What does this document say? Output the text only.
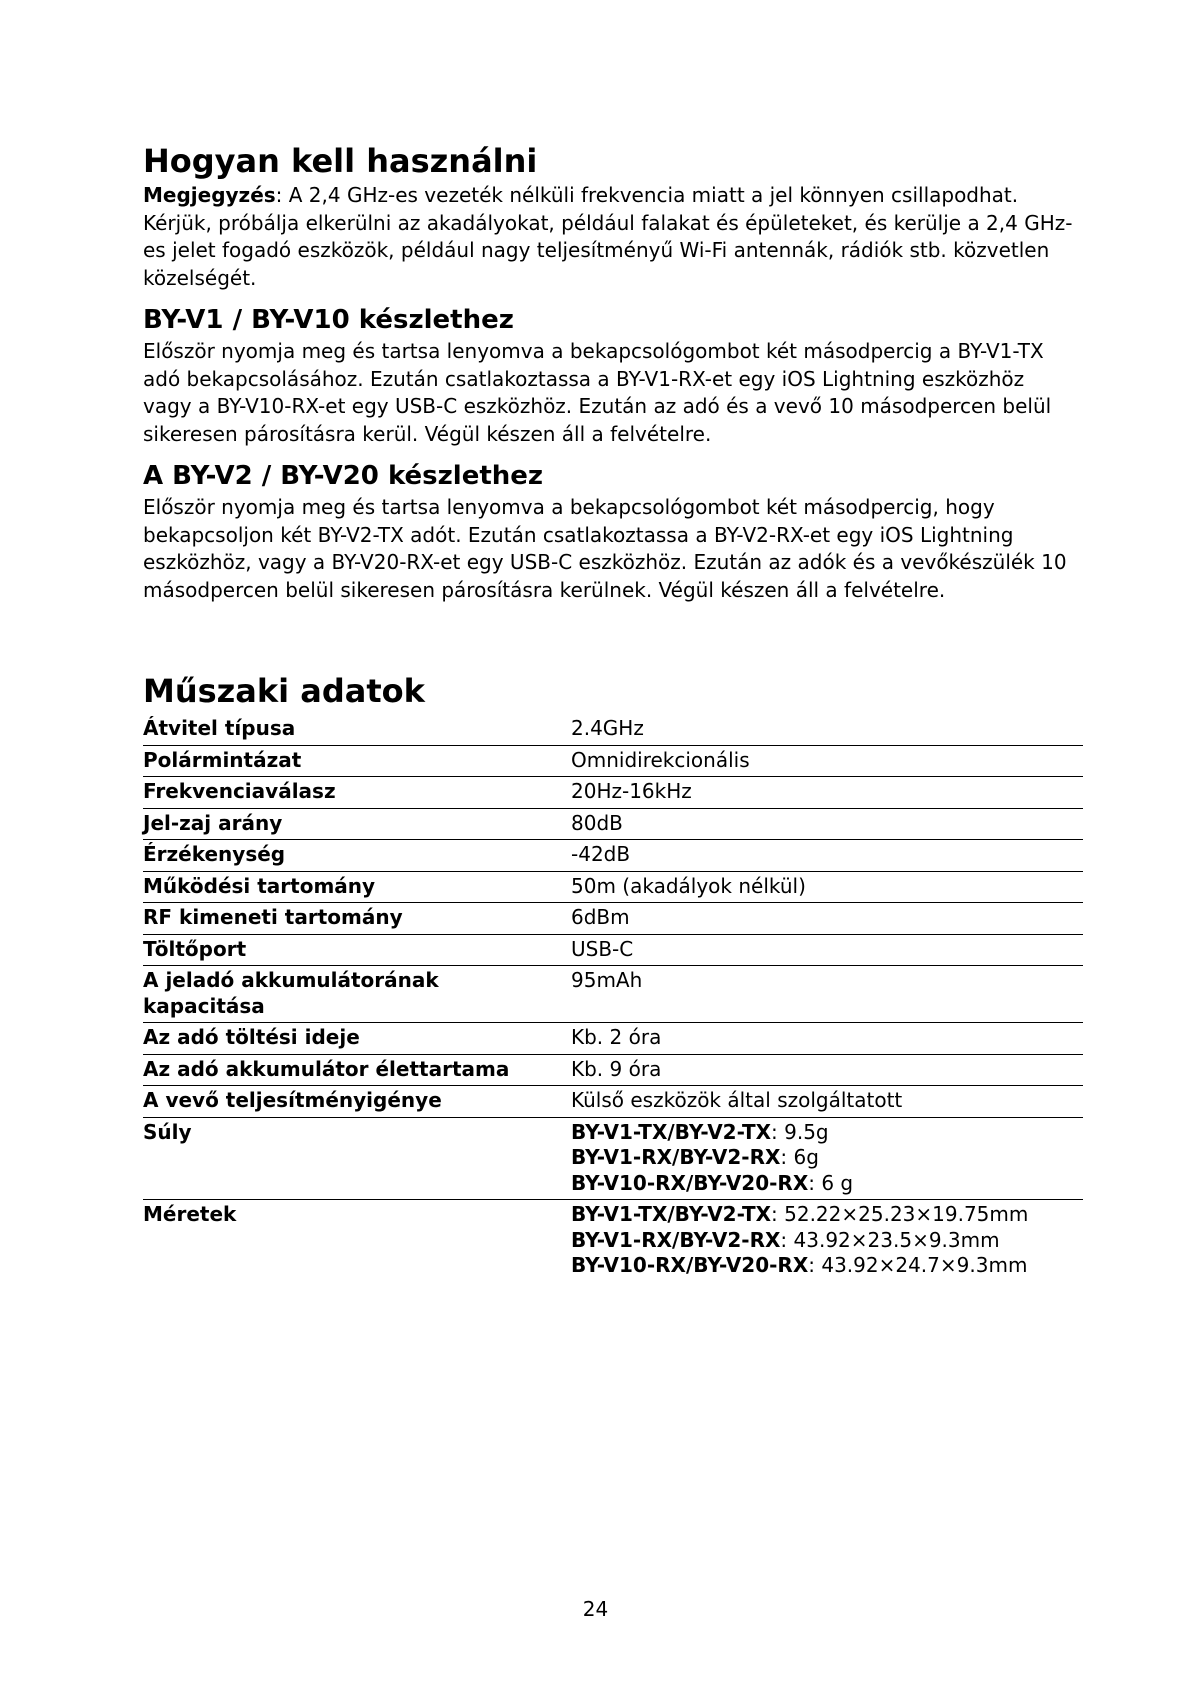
Hogyan kell használni

Megjegyzés: A 2,4 GHz-es vezeték nélküli frekvencia miatt a jel könnyen csillapodhat. Kérjük, próbálja elkerülni az akadályokat, például falakat és épületeket, és kerülje a 2,4 GHz-es jelet fogadó eszközök, például nagy teljesítményű Wi-Fi antennák, rádiók stb. közvetlen közelségét.

BY-V1 / BY-V10 készlethez

Először nyomja meg és tartsa lenyomva a bekapcsológombot két másodpercig a BY-V1-TX adó bekapcsolásához. Ezután csatlakoztassa a BY-V1-RX-et egy iOS Lightning eszközhöz vagy a BY-V10-RX-et egy USB-C eszközhöz. Ezután az adó és a vevő 10 másodpercen belül sikeresen párosításra kerül. Végül készen áll a felvételre.

A BY-V2 / BY-V20 készlethez

Először nyomja meg és tartsa lenyomva a bekapcsológombot két másodpercig, hogy bekapcsoljon két BY-V2-TX adót. Ezután csatlakoztassa a BY-V2-RX-et egy iOS Lightning eszközhöz, vagy a BY-V20-RX-et egy USB-C eszközhöz. Ezután az adók és a vevőkészülék 10 másodpercen belül sikeresen párosításra kerülnek. Végül készen áll a felvételre.

Műszaki adatok
Átvitel típusa	2.4GHz
Polármintázat	Omnidirekcionális
Frekvenciaválasz	20Hz-16kHz
Jel-zaj arány	80dB
Érzékenység	-42dB
Működési tartomány	50m (akadályok nélkül)
RF kimeneti tartomány	6dBm
Töltőport	USB-C
A jeladó akkumulátorának kapacitása	95mAh
Az adó töltési ideje	Kb. 2 óra
Az adó akkumulátor élettartama	Kb. 9 óra
A vevő teljesítményigénye	Külső eszközök által szolgáltatott
Súly	BY-V1-TX/BY-V2-TX: 9.5g
BY-V1-RX/BY-V2-RX: 6g
BY-V10-RX/BY-V20-RX: 6 g

Méretek	BY-V1-TX/BY-V2-TX: 52.22×25.23×19.75mm
BY-V1-RX/BY-V2-RX: 43.92×23.5×9.3mm
BY-V10-RX/BY-V20-RX: 43.92×24.7×9.3mm
24
